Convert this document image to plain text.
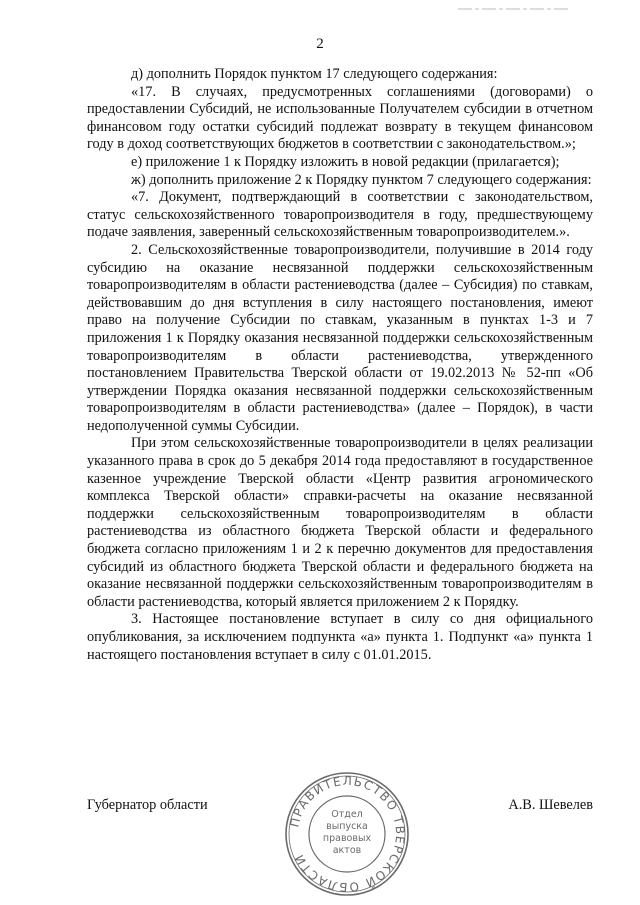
2

д) дополнить Порядок пунктом 17 следующего содержания:

«17. В случаях, предусмотренных соглашениями (договорами) о предоставлении Субсидий, не использованные Получателем субсидии в отчетном финансовом году остатки субсидий подлежат возврату в текущем финансовом году в доход соответствующих бюджетов в соответствии с законодательством.»;

е) приложение 1 к Порядку изложить в новой редакции (прилагается);

ж) дополнить приложение 2 к Порядку пунктом 7 следующего содержания:

«7. Документ, подтверждающий в соответствии с законодательством, статус сельскохозяйственного товаропроизводителя в году, предшествующему подаче заявления, заверенный сельскохозяйственным товаропроизводителем.».

2. Сельскохозяйственные товаропроизводители, получившие в 2014 году субсидию на оказание несвязанной поддержки сельскохозяйственным товаропроизводителям в области растениеводства (далее – Субсидия) по ставкам, действовавшим до дня вступления в силу настоящего постановления, имеют право на получение Субсидии по ставкам, указанным в пунктах 1-3 и 7 приложения 1 к Порядку оказания несвязанной поддержки сельскохозяйственным товаропроизводителям в области растениеводства, утвержденного постановлением Правительства Тверской области от 19.02.2013 № 52-пп «Об утверждении Порядка оказания несвязанной поддержки сельскохозяйственным товаропроизводителям в области растениеводства» (далее – Порядок), в части недополученной суммы Субсидии.

При этом сельскохозяйственные товаропроизводители в целях реализации указанного права в срок до 5 декабря 2014 года предоставляют в государственное казенное учреждение Тверской области «Центр развития агрономического комплекса Тверской области» справки-расчеты на оказание несвязанной поддержки сельскохозяйственным товаропроизводителям в области растениеводства из областного бюджета Тверской области и федерального бюджета согласно приложениям 1 и 2 к перечню документов для предоставления субсидий из областного бюджета Тверской области и федерального бюджета на оказание несвязанной поддержки сельскохозяйственным товаропроизводителям в области растениеводства, который является приложением 2 к Порядку.

3. Настоящее постановление вступает в силу со дня официального опубликования, за исключением подпункта «а» пункта 1. Подпункт «а» пункта 1 настоящего постановления вступает в силу с 01.01.2015.

Губернатор области	А.В. Шевелев
ПРАВИТЕЛЬСТВО ТВЕРСКОЙ ОБЛАСТИ
Отдел
выпуска
правовых
актов
